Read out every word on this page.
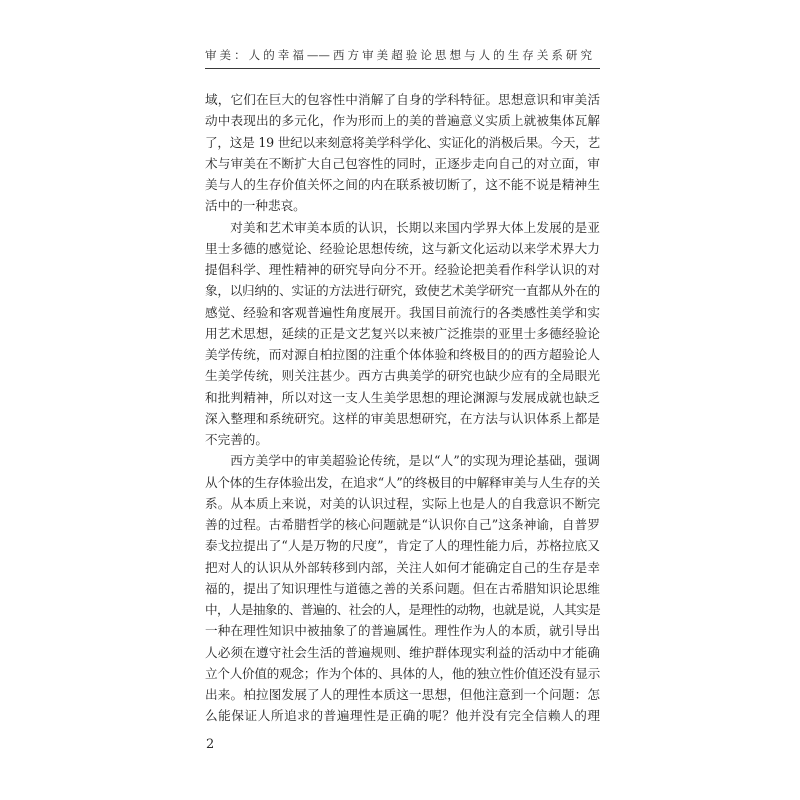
审美：人的幸福——西方审美超验论思想与人的生存关系研究
域，它们在巨大的包容性中消解了自身的学科特征。思想意识和审美活
动中表现出的多元化，作为形而上的美的普遍意义实质上就被集体瓦解
了，这是 19 世纪以来刻意将美学科学化、实证化的消极后果。今天，艺
术与审美在不断扩大自己包容性的同时，正逐步走向自己的对立面，审
美与人的生存价值关怀之间的内在联系被切断了，这不能不说是精神生
活中的一种悲哀。
对美和艺术审美本质的认识，长期以来国内学界大体上发展的是亚
里士多德的感觉论、经验论思想传统，这与新文化运动以来学术界大力
提倡科学、理性精神的研究导向分不开。经验论把美看作科学认识的对
象，以归纳的、实证的方法进行研究，致使艺术美学研究一直都从外在的
感觉、经验和客观普遍性角度展开。我国目前流行的各类感性美学和实
用艺术思想，延续的正是文艺复兴以来被广泛推崇的亚里士多德经验论
美学传统，而对源自柏拉图的注重个体体验和终极目的的西方超验论人
生美学传统，则关注甚少。西方古典美学的研究也缺少应有的全局眼光
和批判精神，所以对这一支人生美学思想的理论渊源与发展成就也缺乏
深入整理和系统研究。这样的审美思想研究，在方法与认识体系上都是
不完善的。
西方美学中的审美超验论传统，是以“人”的实现为理论基础，强调
从个体的生存体验出发，在追求“人”的终极目的中解释审美与人生存的关
系。从本质上来说，对美的认识过程，实际上也是人的自我意识不断完
善的过程。古希腊哲学的核心问题就是“认识你自己”这条神谕，自普罗
泰戈拉提出了“人是万物的尺度”，肯定了人的理性能力后，苏格拉底又
把对人的认识从外部转移到内部，关注人如何才能确定自己的生存是幸
福的，提出了知识理性与道德之善的关系问题。但在古希腊知识论思维
中，人是抽象的、普遍的、社会的人，是理性的动物，也就是说，人其实是
一种在理性知识中被抽象了的普遍属性。理性作为人的本质，就引导出
人必须在遵守社会生活的普遍规则、维护群体现实利益的活动中才能确
立个人价值的观念；作为个体的、具体的人，他的独立性价值还没有显示
出来。柏拉图发展了人的理性本质这一思想，但他注意到一个问题：怎
么能保证人所追求的普遍理性是正确的呢？他并没有完全信赖人的理
2
